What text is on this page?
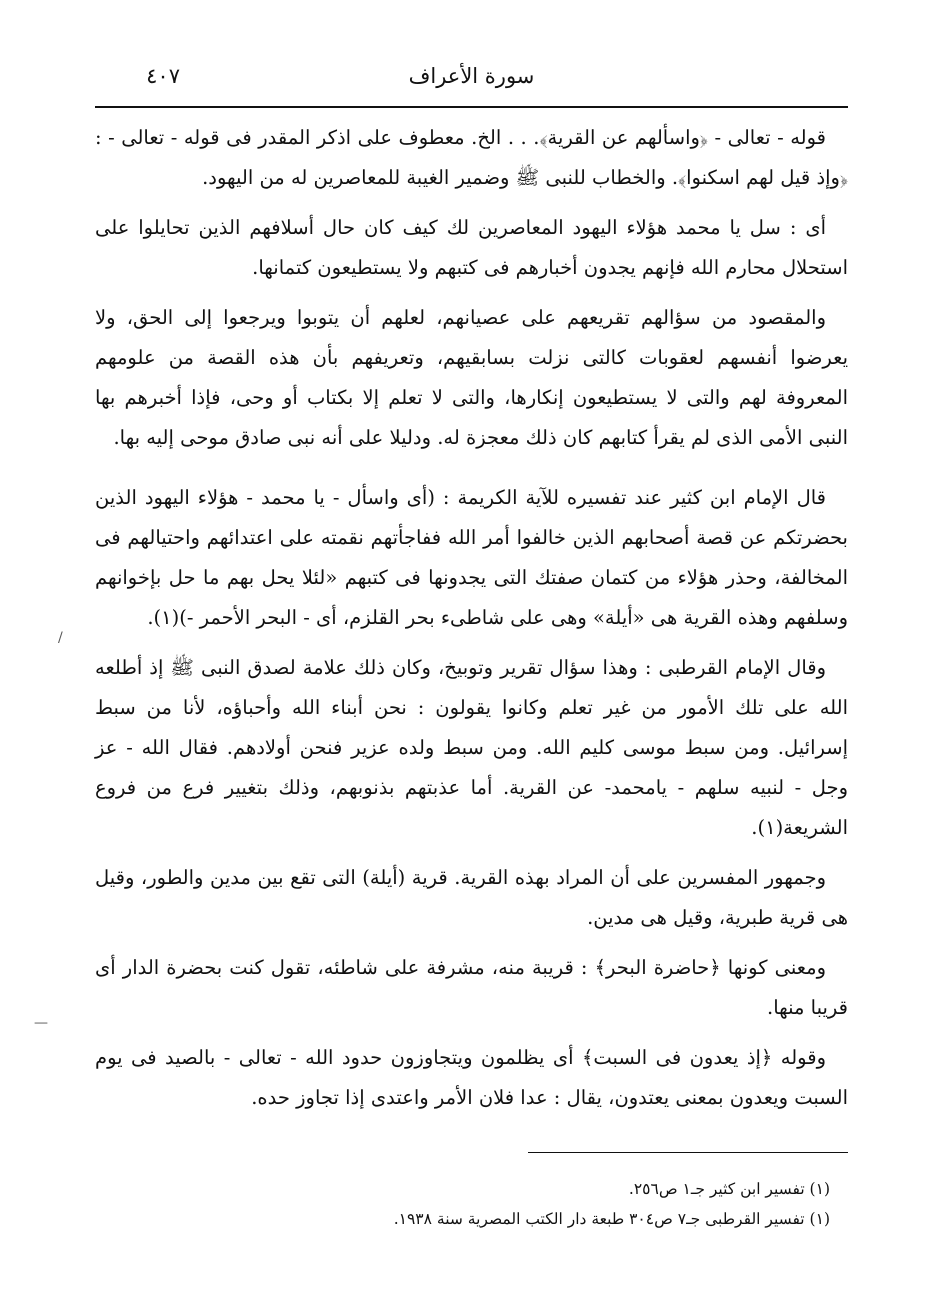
سورة الأعراف
٤٠٧

قوله - تعالى - ﴿واسألهم عن القرية﴾. . . الخ. معطوف على اذكر المقدر فى قوله - تعالى - : ﴿وإذ قيل لهم اسكنوا﴾. والخطاب للنبى ﷺ وضمير الغيبة للمعاصرين له من اليهود.

أى : سل يا محمد هؤلاء اليهود المعاصرين لك كيف كان حال أسلافهم الذين تحايلوا على استحلال محارم الله فإنهم يجدون أخبارهم فى كتبهم ولا يستطيعون كتمانها.

والمقصود من سؤالهم تقريعهم على عصيانهم، لعلهم أن يتوبوا ويرجعوا إلى الحق، ولا يعرضوا أنفسهم لعقوبات كالتى نزلت بسابقيهم، وتعريفهم بأن هذه القصة من علومهم المعروفة لهم والتى لا يستطيعون إنكارها، والتى لا تعلم إلا بكتاب أو وحى، فإذا أخبرهم بها النبى الأمى الذى لم يقرأ كتابهم كان ذلك معجزة له. ودليلا على أنه نبى صادق موحى إليه بها.

قال الإمام ابن كثير عند تفسيره للآية الكريمة : (أى واسأل - يا محمد - هؤلاء اليهود الذين بحضرتكم عن قصة أصحابهم الذين خالفوا أمر الله ففاجأتهم نقمته على اعتدائهم واحتيالهم فى المخالفة، وحذر هؤلاء من كتمان صفتك التى يجدونها فى كتبهم «لئلا يحل بهم ما حل بإخوانهم وسلفهم وهذه القرية هى «أيلة» وهى على شاطىء بحر القلزم، أى - البحر الأحمر -)(١).

وقال الإمام القرطبى : وهذا سؤال تقرير وتوبيخ، وكان ذلك علامة لصدق النبى ﷺ إذ أطلعه الله على تلك الأمور من غير تعلم وكانوا يقولون : نحن أبناء الله وأحباؤه، لأنا من سبط إسرائيل. ومن سبط موسى كليم الله. ومن سبط ولده عزير فنحن أولادهم. فقال الله - عز وجل - لنبيه سلهم - يامحمد- عن القرية. أما عذبتهم بذنوبهم، وذلك بتغيير فرع من فروع الشريعة(١).

وجمهور المفسرين على أن المراد بهذه القرية. قرية (أيلة) التى تقع بين مدين والطور، وقيل هى قرية طبرية، وقيل هى مدين.

ومعنى كونها ﴿حاضرة البحر﴾ : قريبة منه، مشرفة على شاطئه، تقول كنت بحضرة الدار أى قريبا منها.

وقوله ﴿إذ يعدون فى السبت﴾ أى يظلمون ويتجاوزون حدود الله - تعالى - بالصيد فى يوم السبت ويعدون بمعنى يعتدون، يقال : عدا فلان الأمر واعتدى إذا تجاوز حده.

(١) تفسير ابن كثير جـ١ ص٢٥٦.
(١) تفسير القرطبى جـ٧ ص٣٠٤ طبعة دار الكتب المصرية سنة ١٩٣٨.
/
—
